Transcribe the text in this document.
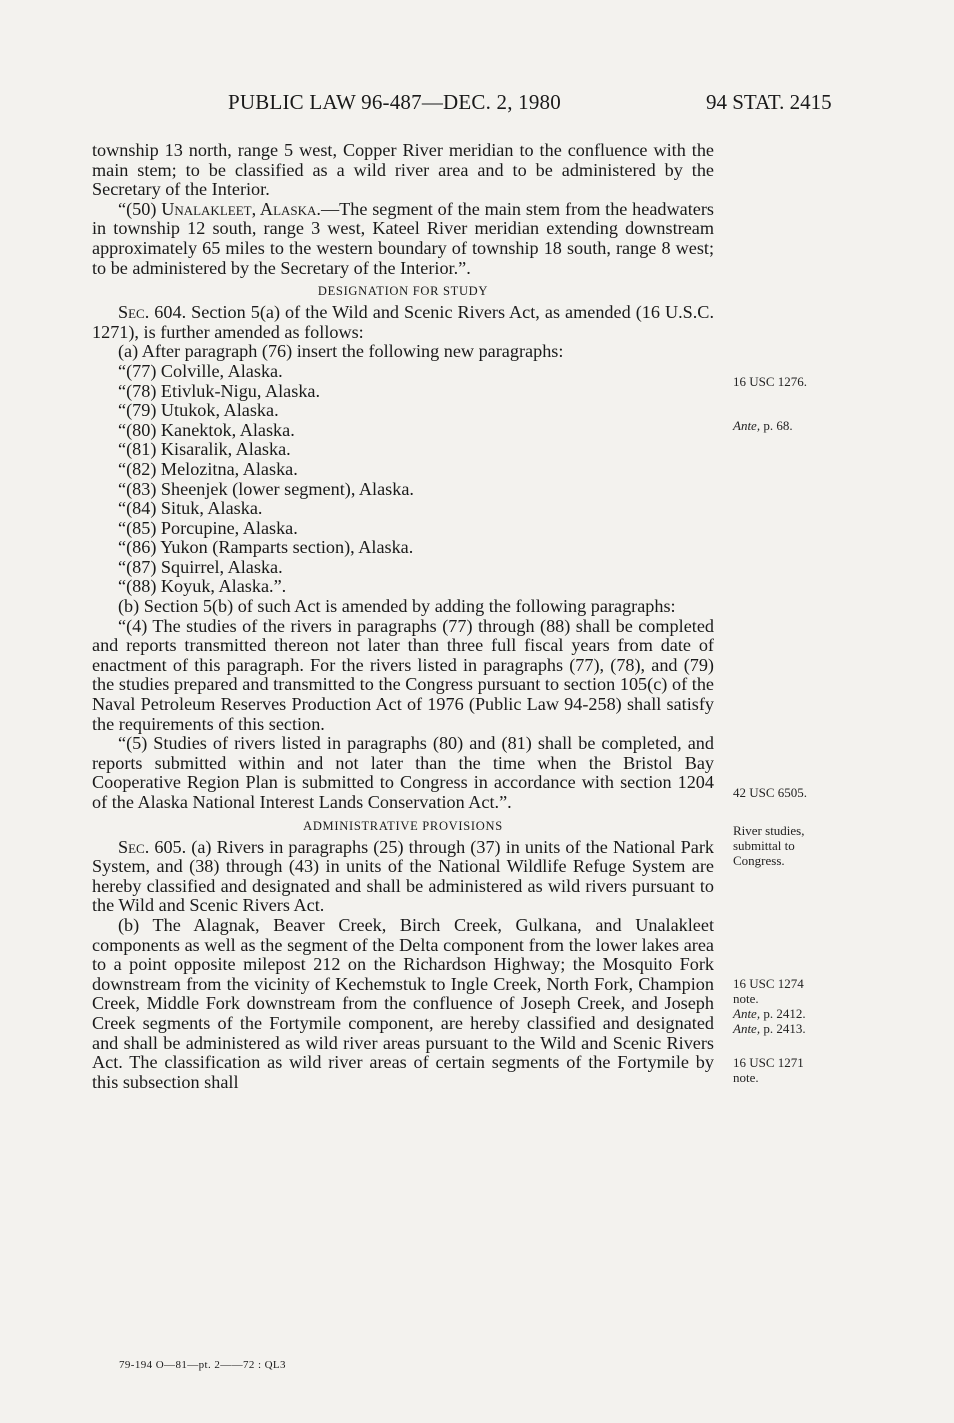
PUBLIC LAW 96-487—DEC. 2, 1980	94 STAT. 2415

township 13 north, range 5 west, Copper River meridian to the confluence with the main stem; to be classified as a wild river area and to be administered by the Secretary of the Interior.

“(50) Unalakleet, Alaska.—The segment of the main stem from the headwaters in township 12 south, range 3 west, Kateel River meridian extending downstream approximately 65 miles to the western boundary of township 18 south, range 8 west; to be administered by the Secretary of the Interior.”.

DESIGNATION FOR STUDY

Sec. 604. Section 5(a) of the Wild and Scenic Rivers Act, as amended (16 U.S.C. 1271), is further amended as follows:

(a) After paragraph (76) insert the following new paragraphs:

“(77) Colville, Alaska.

“(78) Etivluk-Nigu, Alaska.

“(79) Utukok, Alaska.

“(80) Kanektok, Alaska.

“(81) Kisaralik, Alaska.

“(82) Melozitna, Alaska.

“(83) Sheenjek (lower segment), Alaska.

“(84) Situk, Alaska.

“(85) Porcupine, Alaska.

“(86) Yukon (Ramparts section), Alaska.

“(87) Squirrel, Alaska.

“(88) Koyuk, Alaska.”.

(b) Section 5(b) of such Act is amended by adding the following paragraphs:

“(4) The studies of the rivers in paragraphs (77) through (88) shall be completed and reports transmitted thereon not later than three full fiscal years from date of enactment of this paragraph. For the rivers listed in paragraphs (77), (78), and (79) the studies prepared and transmitted to the Congress pursuant to section 105(c) of the Naval Petroleum Reserves Production Act of 1976 (Public Law 94-258) shall satisfy the requirements of this section.

“(5) Studies of rivers listed in paragraphs (80) and (81) shall be completed, and reports submitted within and not later than the time when the Bristol Bay Cooperative Region Plan is submitted to Congress in accordance with section 1204 of the Alaska National Interest Lands Conservation Act.”.

ADMINISTRATIVE PROVISIONS

Sec. 605. (a) Rivers in paragraphs (25) through (37) in units of the National Park System, and (38) through (43) in units of the National Wildlife Refuge System are hereby classified and designated and shall be administered as wild rivers pursuant to the Wild and Scenic Rivers Act.

(b) The Alagnak, Beaver Creek, Birch Creek, Gulkana, and Unalakleet components as well as the segment of the Delta component from the lower lakes area to a point opposite milepost 212 on the Richardson Highway; the Mosquito Fork downstream from the vicinity of Kechemstuk to Ingle Creek, North Fork, Champion Creek, Middle Fork downstream from the confluence of Joseph Creek, and Joseph Creek segments of the Fortymile component, are hereby classified and designated and shall be administered as wild river areas pursuant to the Wild and Scenic Rivers Act. The classification as wild river areas of certain segments of the Fortymile by this subsection shall

16 USC 1276.
Ante, p. 68.
42 USC 6505.
River studies,
submittal to
Congress.
16 USC 1274
note.
Ante, p. 2412.
Ante, p. 2413.
16 USC 1271
note.
79-194 O—81—pt. 2——72 : QL3
